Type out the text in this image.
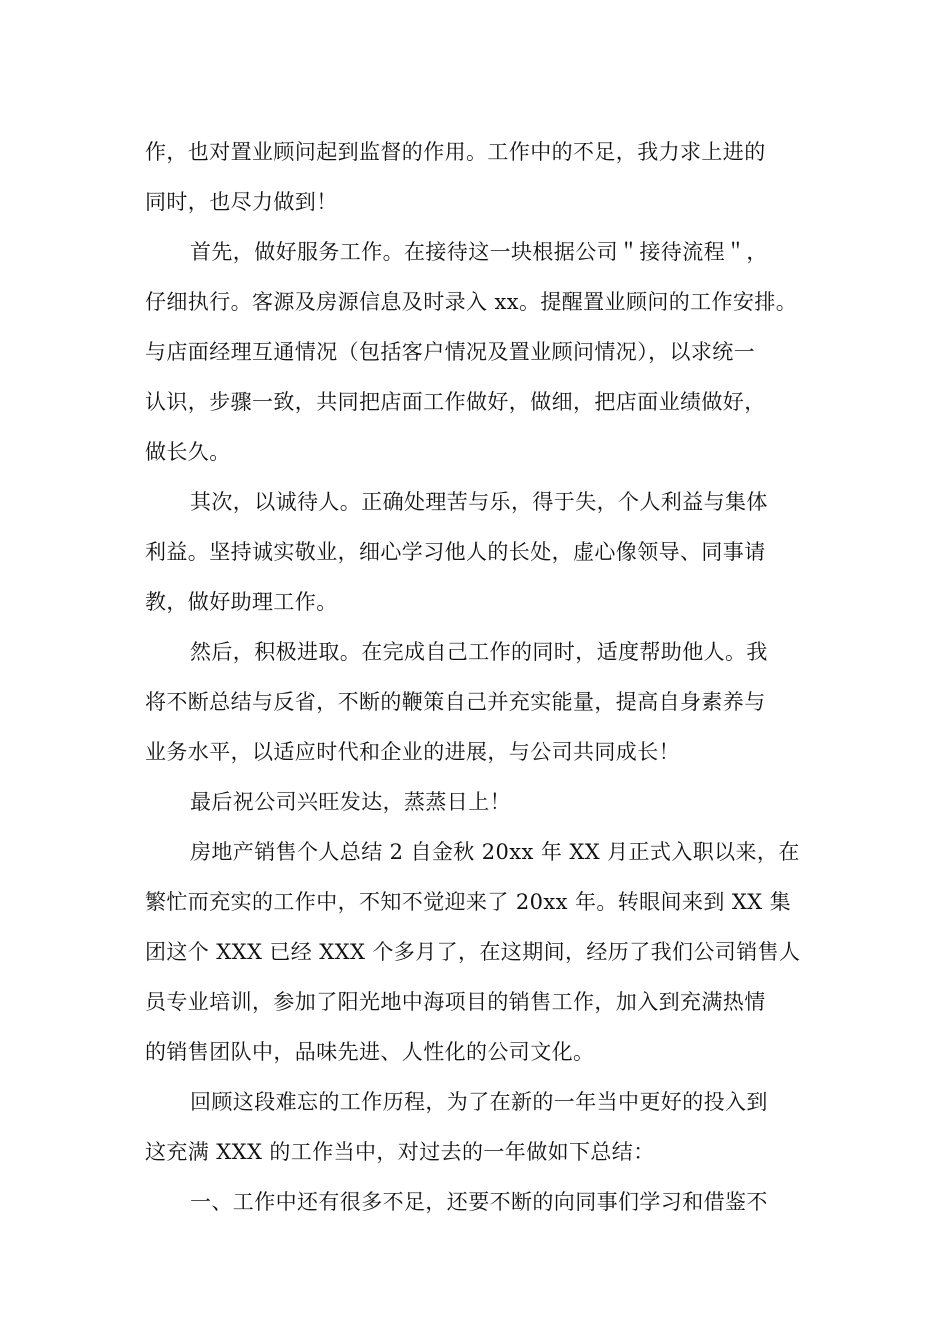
作，也对置业顾问起到监督的作用。工作中的不足，我力求上进的
同时，也尽力做到！
首先，做好服务工作。在接待这一块根据公司＂接待流程＂，
仔细执行。客源及房源信息及时录入 xx。提醒置业顾问的工作安排。
与店面经理互通情况（包括客户情况及置业顾问情况），以求统一
认识，步骤一致，共同把店面工作做好，做细，把店面业绩做好，
做长久。
其次，以诚待人。正确处理苦与乐，得于失，个人利益与集体
利益。坚持诚实敬业，细心学习他人的长处，虚心像领导、同事请
教，做好助理工作。
然后，积极进取。在完成自己工作的同时，适度帮助他人。我
将不断总结与反省，不断的鞭策自己并充实能量，提高自身素养与
业务水平，以适应时代和企业的进展，与公司共同成长！
最后祝公司兴旺发达，蒸蒸日上！
房地产销售个人总结 2 自金秋 20xx 年 XX 月正式入职以来，在
繁忙而充实的工作中，不知不觉迎来了 20xx 年。转眼间来到 XX 集
团这个 XXX 已经 XXX 个多月了，在这期间，经历了我们公司销售人
员专业培训，参加了阳光地中海项目的销售工作，加入到充满热情
的销售团队中，品味先进、人性化的公司文化。
回顾这段难忘的工作历程，为了在新的一年当中更好的投入到
这充满 XXX 的工作当中，对过去的一年做如下总结：
一、工作中还有很多不足，还要不断的向同事们学习和借鉴不
